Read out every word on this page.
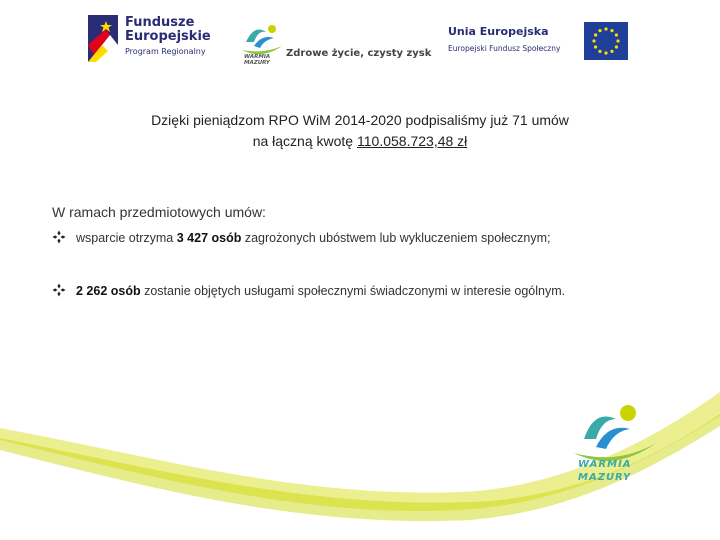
Fundusze
Europejskie
Program Regionalny
WARMIA
MAZURY
Zdrowe życie, czysty zysk
Unia Europejska
Europejski Fundusz Społeczny
Dzięki pieniądzom RPO WiM 2014-2020 podpisaliśmy już 71 umów
na łączną kwotę 110.058.723,48 zł
W ramach przedmiotowych umów:
wsparcie otrzyma 3 427 osób zagrożonych ubóstwem lub wykluczeniem społecznym;
2 262 osób zostanie objętych usługami społecznymi świadczonymi w interesie ogólnym.
WARMIA
MAZURY
